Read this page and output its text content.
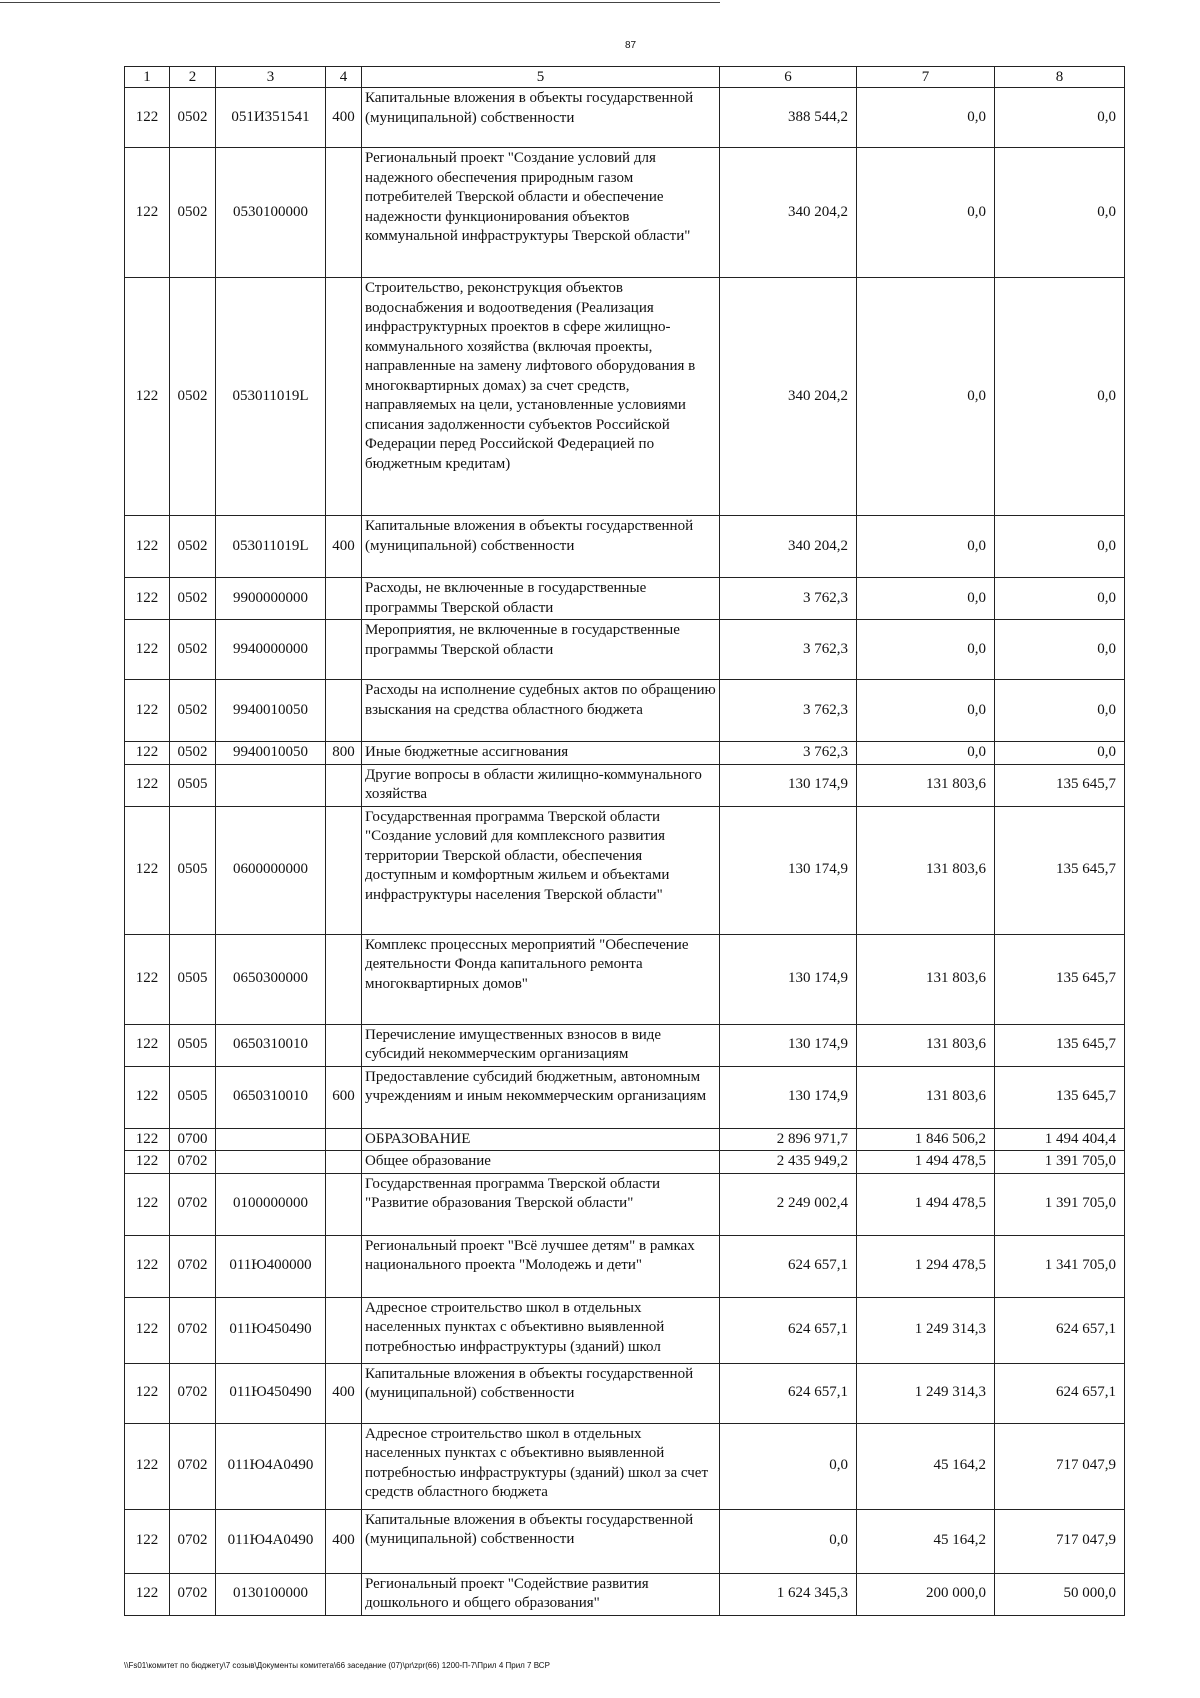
87
1	2	3	4	5	6	7	8
122	0502	051И351541	400	Капитальные вложения в объекты государственной (муниципальной) собственности	388 544,2	0,0	0,0
122	0502	0530100000		Региональный проект "Создание условий для надежного обеспечения природным газом потребителей Тверской области и обеспечение надежности функционирования объектов коммунальной инфраструктуры Тверской области"	340 204,2	0,0	0,0
122	0502	053011019L		Строительство, реконструкция объектов водоснабжения и водоотведения (Реализация инфраструктурных проектов в сфере жилищно-коммунального хозяйства (включая проекты, направленные на замену лифтового оборудования в многоквартирных домах) за счет средств, направляемых на цели, установленные условиями списания задолженности субъектов Российской Федерации перед Российской Федерацией по бюджетным кредитам)	340 204,2	0,0	0,0
122	0502	053011019L	400	Капитальные вложения в объекты государственной (муниципальной) собственности	340 204,2	0,0	0,0
122	0502	9900000000		Расходы, не включенные в государственные программы Тверской области	3 762,3	0,0	0,0
122	0502	9940000000		Мероприятия, не включенные в государственные программы Тверской области	3 762,3	0,0	0,0
122	0502	9940010050		Расходы на исполнение судебных актов по обращению взыскания на средства областного бюджета	3 762,3	0,0	0,0
122	0502	9940010050	800	Иные бюджетные ассигнования	3 762,3	0,0	0,0
122	0505			Другие вопросы в области жилищно-коммунального хозяйства	130 174,9	131 803,6	135 645,7
122	0505	0600000000		Государственная программа Тверской области "Создание условий для комплексного развития территории Тверской области, обеспечения доступным и комфортным жильем и объектами инфраструктуры населения Тверской области"	130 174,9	131 803,6	135 645,7
122	0505	0650300000		Комплекс процессных мероприятий "Обеспечение деятельности Фонда капитального ремонта многоквартирных домов"	130 174,9	131 803,6	135 645,7
122	0505	0650310010		Перечисление имущественных взносов в виде субсидий некоммерческим организациям	130 174,9	131 803,6	135 645,7
122	0505	0650310010	600	Предоставление субсидий бюджетным, автономным учреждениям и иным некоммерческим организациям	130 174,9	131 803,6	135 645,7
122	0700			ОБРАЗОВАНИЕ	2 896 971,7	1 846 506,2	1 494 404,4
122	0702			Общее образование	2 435 949,2	1 494 478,5	1 391 705,0
122	0702	0100000000		Государственная программа Тверской области "Развитие образования Тверской области"	2 249 002,4	1 494 478,5	1 391 705,0
122	0702	011Ю400000		Региональный проект "Всё лучшее детям" в рамках национального проекта "Молодежь и дети"	624 657,1	1 294 478,5	1 341 705,0
122	0702	011Ю450490		Адресное строительство школ в отдельных населенных пунктах с объективно выявленной потребностью инфраструктуры (зданий) школ	624 657,1	1 249 314,3	624 657,1
122	0702	011Ю450490	400	Капитальные вложения в объекты государственной (муниципальной) собственности	624 657,1	1 249 314,3	624 657,1
122	0702	011Ю4А0490		Адресное строительство школ в отдельных населенных пунктах с объективно выявленной потребностью инфраструктуры (зданий) школ за счет средств областного бюджета	0,0	45 164,2	717 047,9
122	0702	011Ю4А0490	400	Капитальные вложения в объекты государственной (муниципальной) собственности	0,0	45 164,2	717 047,9
122	0702	0130100000		Региональный проект "Содействие развития дошкольного и общего образования"	1 624 345,3	200 000,0	50 000,0
\\Fs01\комитет по бюджету\7 созыв\Документы комитета\66 заседание (07)\pr\zpr(66) 1200-П-7\Прил 4 Прил 7 ВСР
